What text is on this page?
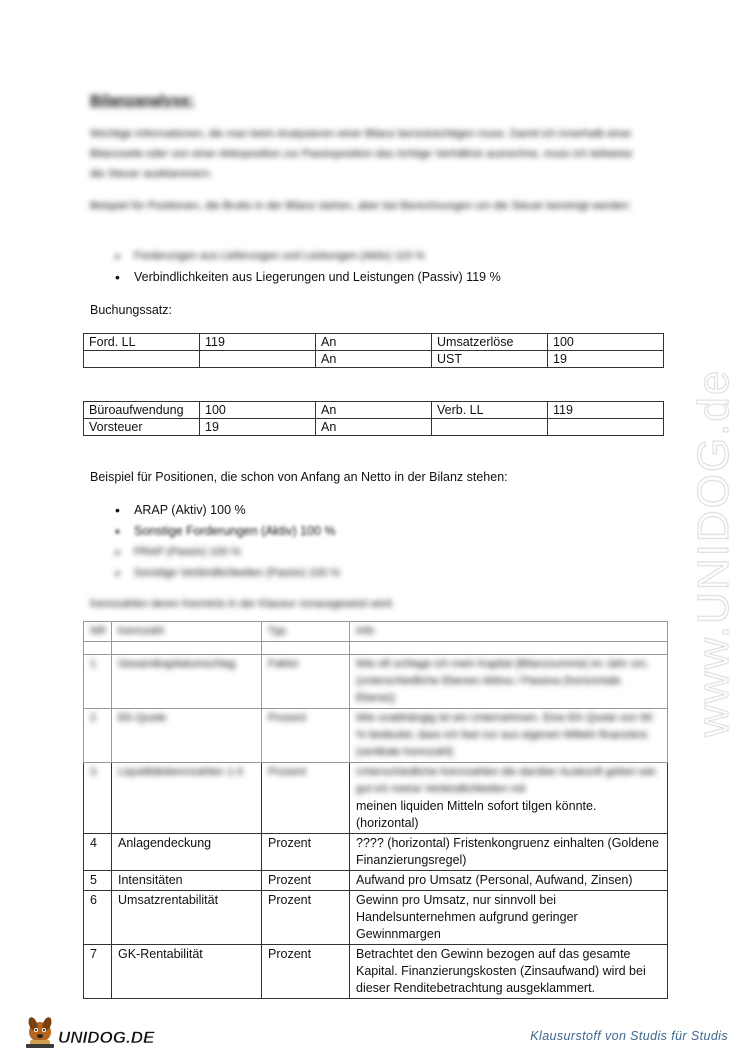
Bilanzanalyse:
Wichtige Informationen, die man beim Analysieren einer Bilanz berücksichtigen muss. Damit ich innerhalb einer Bilanzseite oder von einer Aktivposition zur Passivposition das richtige Verhältnis ausrechne, muss ich teilweise die Steuer ausklammern.
Beispiel für Positionen, die Brutto in der Bilanz stehen, aber bei Berechnungen um die Steuer bereinigt werden:
• Forderungen aus Lieferungen und Leistungen (Aktiv) 119 %
• Verbindlichkeiten aus Liegerungen und Leistungen (Passiv) 119 %
Buchungssatz:
Ford. LL	119	An	Umsatzerlöse	100
		An	UST	19
Büroaufwendung	100	An	Verb. LL	119
Vorsteuer	19	An		
Beispiel für Positionen, die schon von Anfang an Netto in der Bilanz stehen:
• ARAP (Aktiv) 100 %
• Sonstige Forderungen (Aktiv) 100 %
• PRAP (Passiv) 100 %
• Sonstige Verbindlichkeiten (Passiv) 100 %
Kennzahlen deren Kenntnis in der Klausur vorausgesetzt wird:
NR	Kennzahl	Typ	Info

1	Gesamtkapitalumschlag	Faktor	Wie oft schlage ich mein Kapital (Bilanzsumme) im Jahr um. (unterschiedliche Ebenen Aktiva / Passiva (horizontale Ebene))
2	EK-Quote	Prozent	Wie unabhängig ist ein Unternehmen. Eine EK-Quote von 90 % bedeutet, dass ich fast nur aus eigenen Mitteln finanziere. (vertikale Kennzahl)

3	Liquiditätskennzahlen 1-3	Prozent	Unterschiedliche Kennzahlen die darüber Auskunft geben wie gut ich meine Verbindlichkeiten mit
meinen liquiden Mitteln sofort tilgen könnte. (horizontal)

4	Anlagendeckung	Prozent	???? (horizontal) Fristenkongruenz einhalten (Goldene Finanzierungsregel)
5	Intensitäten	Prozent	Aufwand pro Umsatz (Personal, Aufwand, Zinsen)
6	Umsatzrentabilität	Prozent	Gewinn pro Umsatz, nur sinnvoll bei Handelsunternehmen aufgrund geringer Gewinnmargen
7	GK-Rentabilität	Prozent	Betrachtet den Gewinn bezogen auf das gesamte Kapital. Finanzierungskosten (Zinsaufwand) wird bei dieser Renditebetrachtung ausgeklammert.
www.UNIDOG.de
UNIDOG.DE	Klausurstoff von Studis für Studis
